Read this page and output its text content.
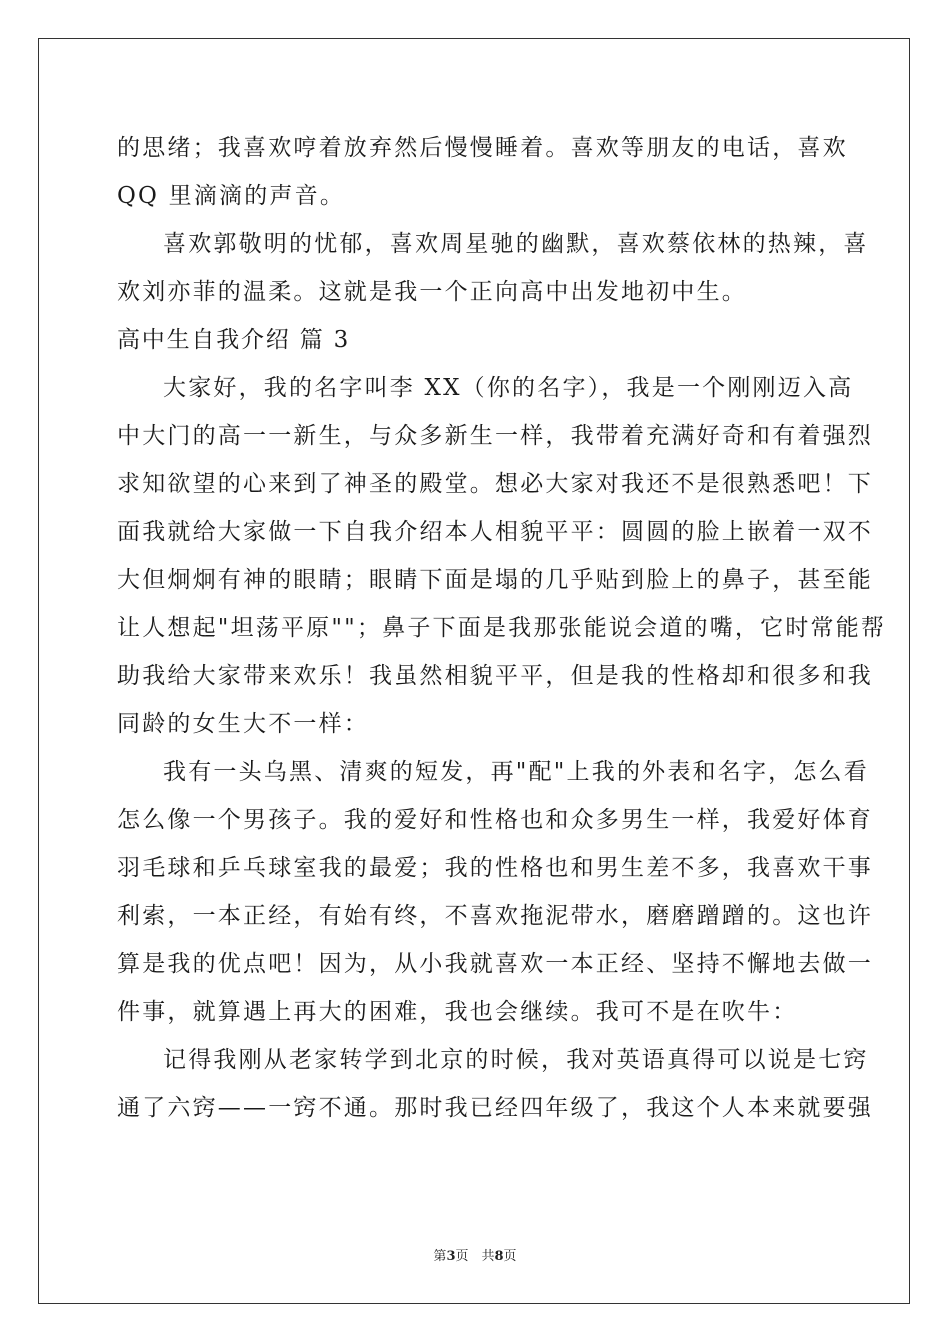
的思绪；我喜欢哼着放弃然后慢慢睡着。喜欢等朋友的电话，喜欢
QQ 里滴滴的声音。
喜欢郭敬明的忧郁，喜欢周星驰的幽默，喜欢蔡依林的热辣，喜
欢刘亦菲的温柔。这就是我一个正向高中出发地初中生。
高中生自我介绍 篇 3
大家好，我的名字叫李 XX（你的名字），我是一个刚刚迈入高
中大门的高一一新生，与众多新生一样，我带着充满好奇和有着强烈
求知欲望的心来到了神圣的殿堂。想必大家对我还不是很熟悉吧！下
面我就给大家做一下自我介绍本人相貌平平：圆圆的脸上嵌着一双不
大但炯炯有神的眼睛；眼睛下面是塌的几乎贴到脸上的鼻子，甚至能
让人想起"坦荡平原""；鼻子下面是我那张能说会道的嘴，它时常能帮
助我给大家带来欢乐！我虽然相貌平平，但是我的性格却和很多和我
同龄的女生大不一样：
我有一头乌黑、清爽的短发，再"配"上我的外表和名字，怎么看
怎么像一个男孩子。我的爱好和性格也和众多男生一样，我爱好体育
羽毛球和乒乓球室我的最爱；我的性格也和男生差不多，我喜欢干事
利索，一本正经，有始有终，不喜欢拖泥带水，磨磨蹭蹭的。这也许
算是我的优点吧！因为，从小我就喜欢一本正经、坚持不懈地去做一
件事，就算遇上再大的困难，我也会继续。我可不是在吹牛：
记得我刚从老家转学到北京的时候，我对英语真得可以说是七窍
通了六窍——一窍不通。那时我已经四年级了，我这个人本来就要强
第3页　共8页
